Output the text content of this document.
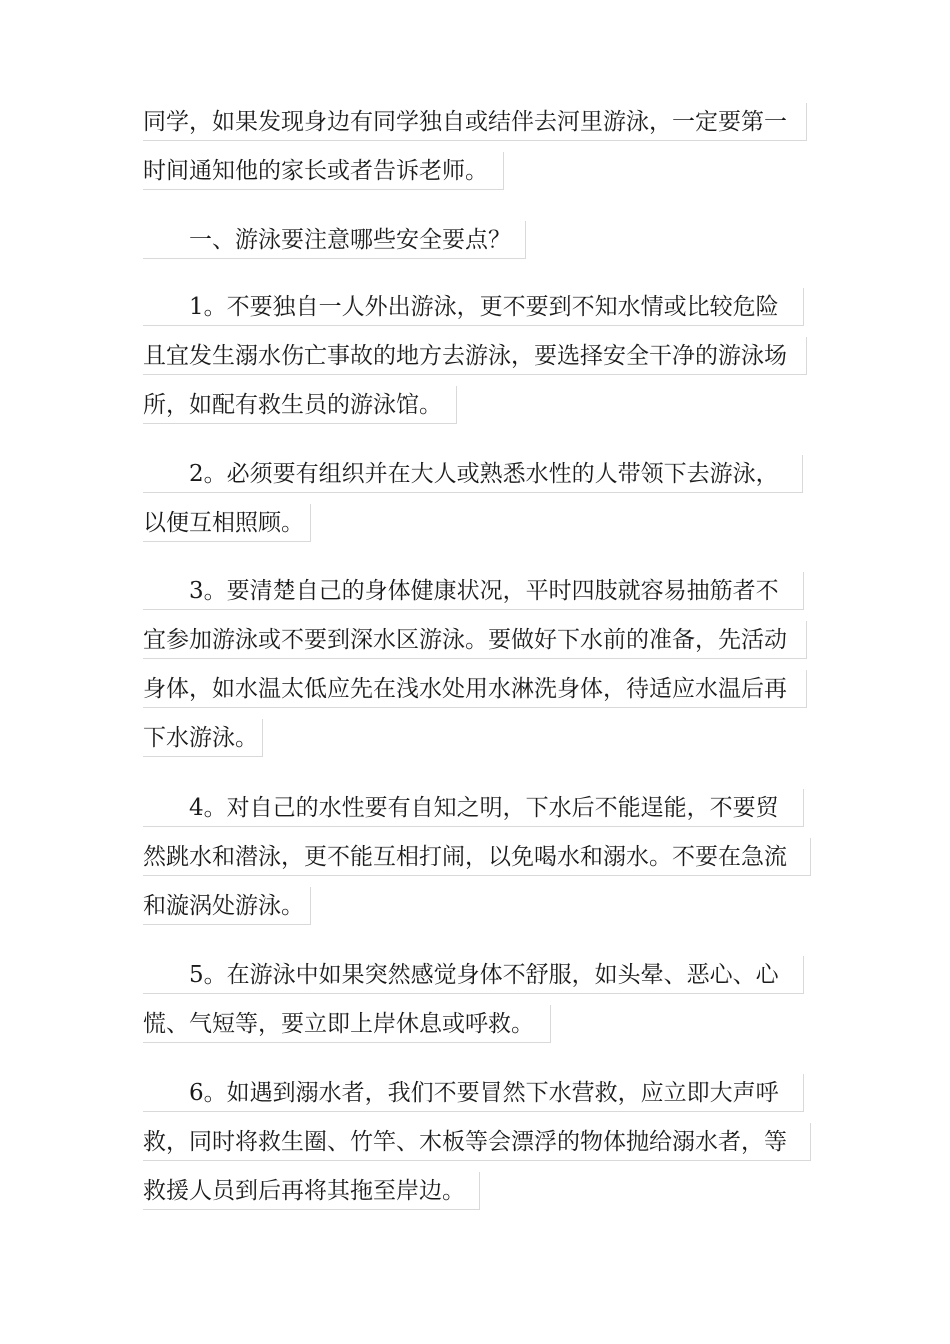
同学，如果发现身边有同学独自或结伴去河里游泳，一定要第一
时间通知他的家长或者告诉老师。
一、游泳要注意哪些安全要点？
1。不要独自一人外出游泳，更不要到不知水情或比较危险
且宜发生溺水伤亡事故的地方去游泳，要选择安全干净的游泳场
所，如配有救生员的游泳馆。
2。必须要有组织并在大人或熟悉水性的人带领下去游泳，
以便互相照顾。
3。要清楚自己的身体健康状况，平时四肢就容易抽筋者不
宜参加游泳或不要到深水区游泳。要做好下水前的准备，先活动
身体，如水温太低应先在浅水处用水淋洗身体，待适应水温后再
下水游泳。
4。对自己的水性要有自知之明，下水后不能逞能，不要贸
然跳水和潜泳，更不能互相打闹，以免喝水和溺水。不要在急流
和漩涡处游泳。
5。在游泳中如果突然感觉身体不舒服，如头晕、恶心、心
慌、气短等，要立即上岸休息或呼救。
6。如遇到溺水者，我们不要冒然下水营救，应立即大声呼
救，同时将救生圈、竹竿、木板等会漂浮的物体抛给溺水者，等
救援人员到后再将其拖至岸边。
